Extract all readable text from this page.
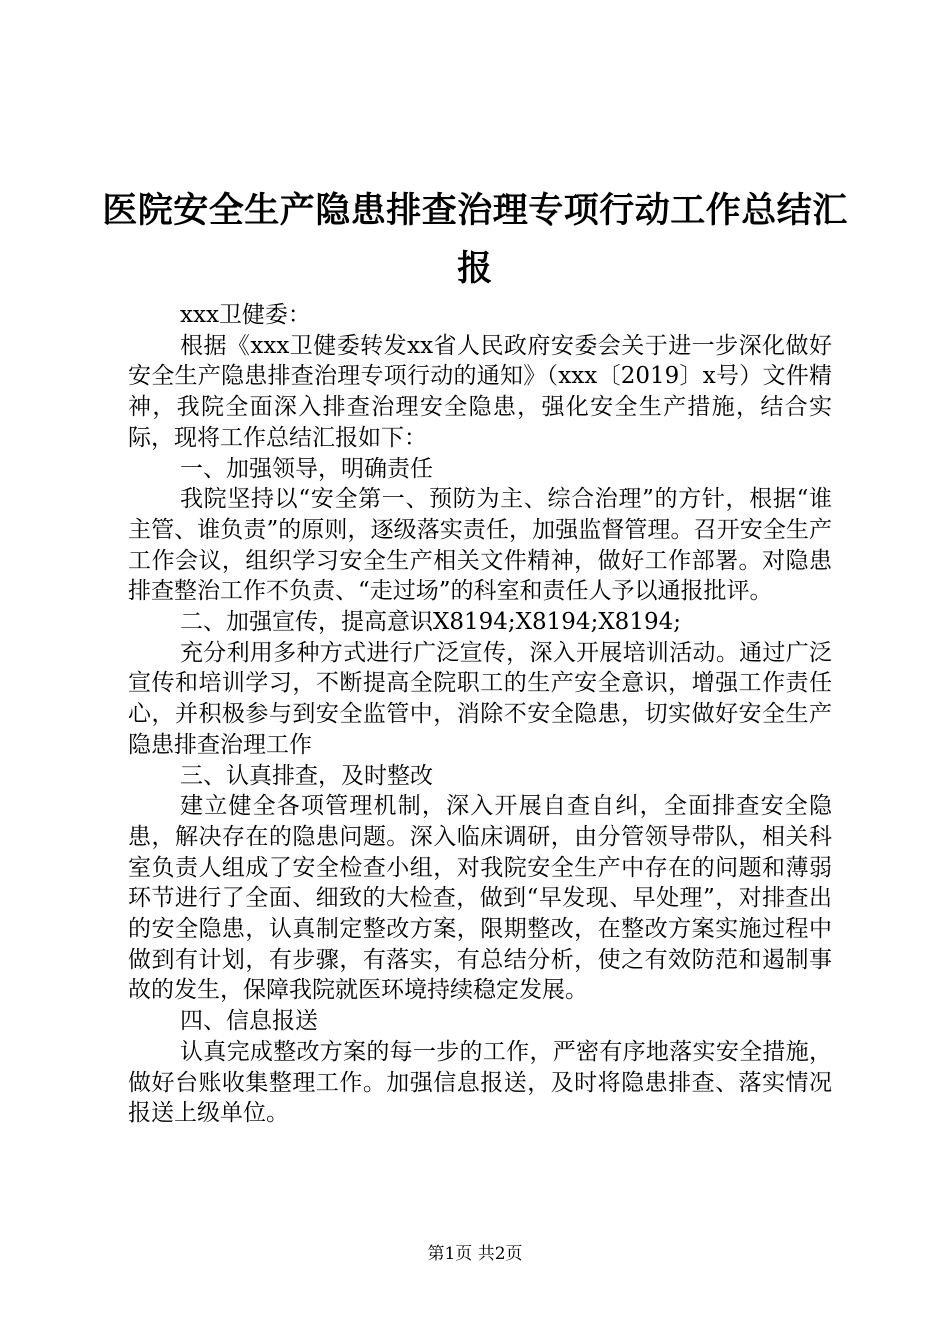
医院安全生产隐患排查治理专项行动工作总结汇报

xxx卫健委：

根据《xxx卫健委转发xx省人民政府安委会关于进一步深化做好安全生产隐患排查治理专项行动的通知》（xxx〔2019〕x号）文件精神，我院全面深入排查治理安全隐患，强化安全生产措施，结合实际，现将工作总结汇报如下：

一、加强领导，明确责任

我院坚持以“安全第一、预防为主、综合治理”的方针，根据“谁主管、谁负责”的原则，逐级落实责任，加强监督管理。召开安全生产工作会议，组织学习安全生产相关文件精神，做好工作部署。对隐患排查整治工作不负责、“走过场”的科室和责任人予以通报批评。

二、加强宣传，提高意识X8194;X8194;X8194;

充分利用多种方式进行广泛宣传，深入开展培训活动。通过广泛宣传和培训学习，不断提高全院职工的生产安全意识，增强工作责任心，并积极参与到安全监管中，消除不安全隐患，切实做好安全生产隐患排查治理工作

三、认真排查，及时整改

建立健全各项管理机制，深入开展自查自纠，全面排查安全隐患，解决存在的隐患问题。深入临床调研，由分管领导带队，相关科室负责人组成了安全检查小组，对我院安全生产中存在的问题和薄弱环节进行了全面、细致的大检查，做到“早发现、早处理”，对排查出的安全隐患，认真制定整改方案，限期整改，在整改方案实施过程中做到有计划，有步骤，有落实，有总结分析，使之有效防范和遏制事故的发生，保障我院就医环境持续稳定发展。

四、信息报送

认真完成整改方案的每一步的工作，严密有序地落实安全措施，做好台账收集整理工作。加强信息报送，及时将隐患排查、落实情况报送上级单位。

第1页 共2页
